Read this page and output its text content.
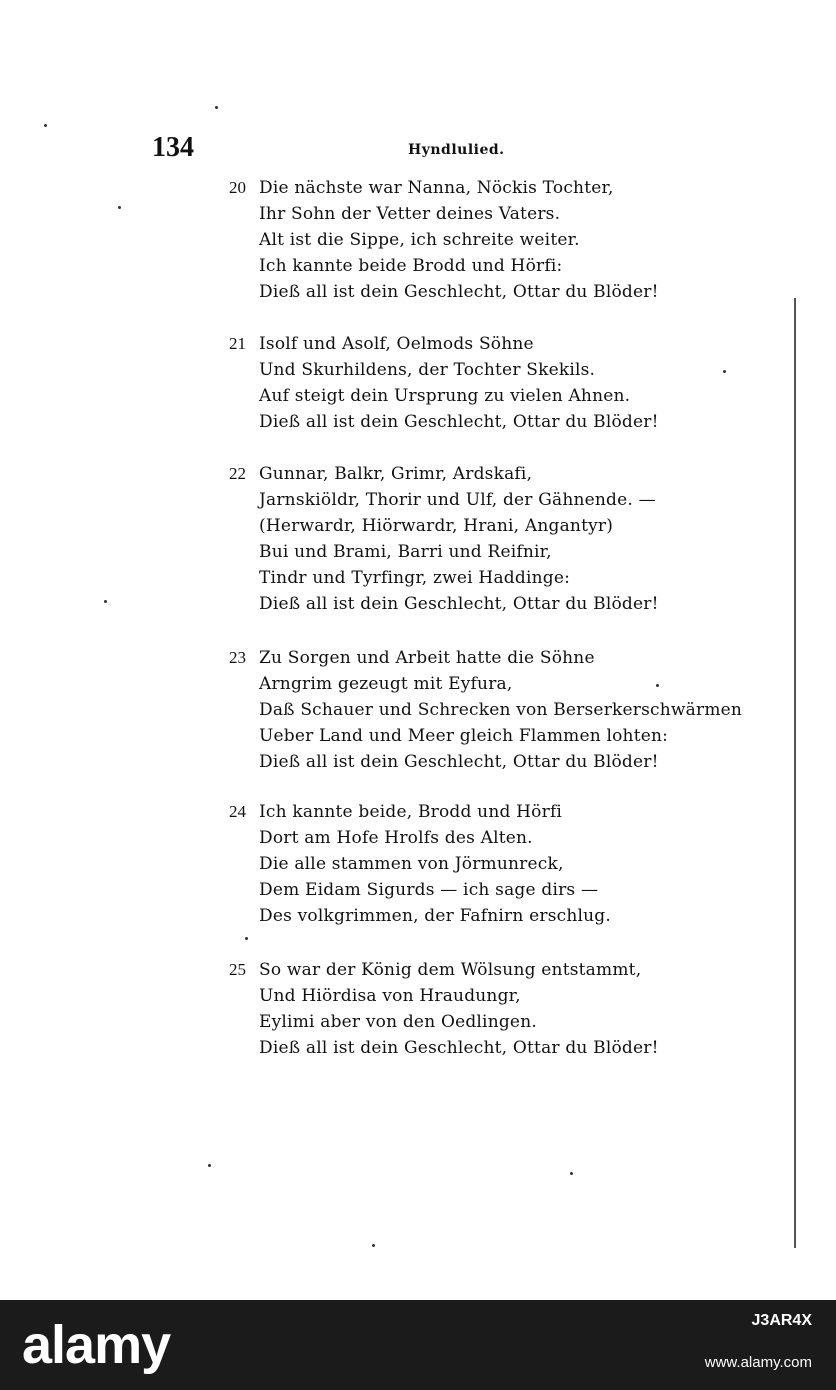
134	Hyndlulied.
20 Die nächste war Nanna, Nöckis Tochter,
Ihr Sohn der Vetter deines Vaters.
Alt ist die Sippe, ich schreite weiter.
Ich kannte beide Brodd und Hörfi:
Dieß all ist dein Geschlecht, Ottar du Blöder!
21 Isolf und Asolf, Oelmods Söhne
Und Skurhildens, der Tochter Skekils.
Auf steigt dein Ursprung zu vielen Ahnen.
Dieß all ist dein Geschlecht, Ottar du Blöder!
22 Gunnar, Balkr, Grimr, Ardskafi,
Jarnskiöldr, Thorir und Ulf, der Gähnende. —
(Herwardr, Hiörwardr, Hrani, Angantyr)
Bui und Brami, Barri und Reifnir,
Tindr und Tyrfingr, zwei Haddinge:
Dieß all ist dein Geschlecht, Ottar du Blöder!
23 Zu Sorgen und Arbeit hatte die Söhne
Arngrim gezeugt mit Eyfura,
Daß Schauer und Schrecken von Berserkerschwärmen
Ueber Land und Meer gleich Flammen lohten:
Dieß all ist dein Geschlecht, Ottar du Blöder!
24 Ich kannte beide, Brodd und Hörfi
Dort am Hofe Hrolfs des Alten.
Die alle stammen von Jörmunreck,
Dem Eidam Sigurds — ich sage dirs —
Des volkgrimmen, der Fafnirn erschlug.
25 So war der König dem Wölsung entstammt,
Und Hiördisa von Hraudungr,
Eylimi aber von den Oedlingen.
Dieß all ist dein Geschlecht, Ottar du Blöder!
alamy	J3AR4X
www.alamy.com
